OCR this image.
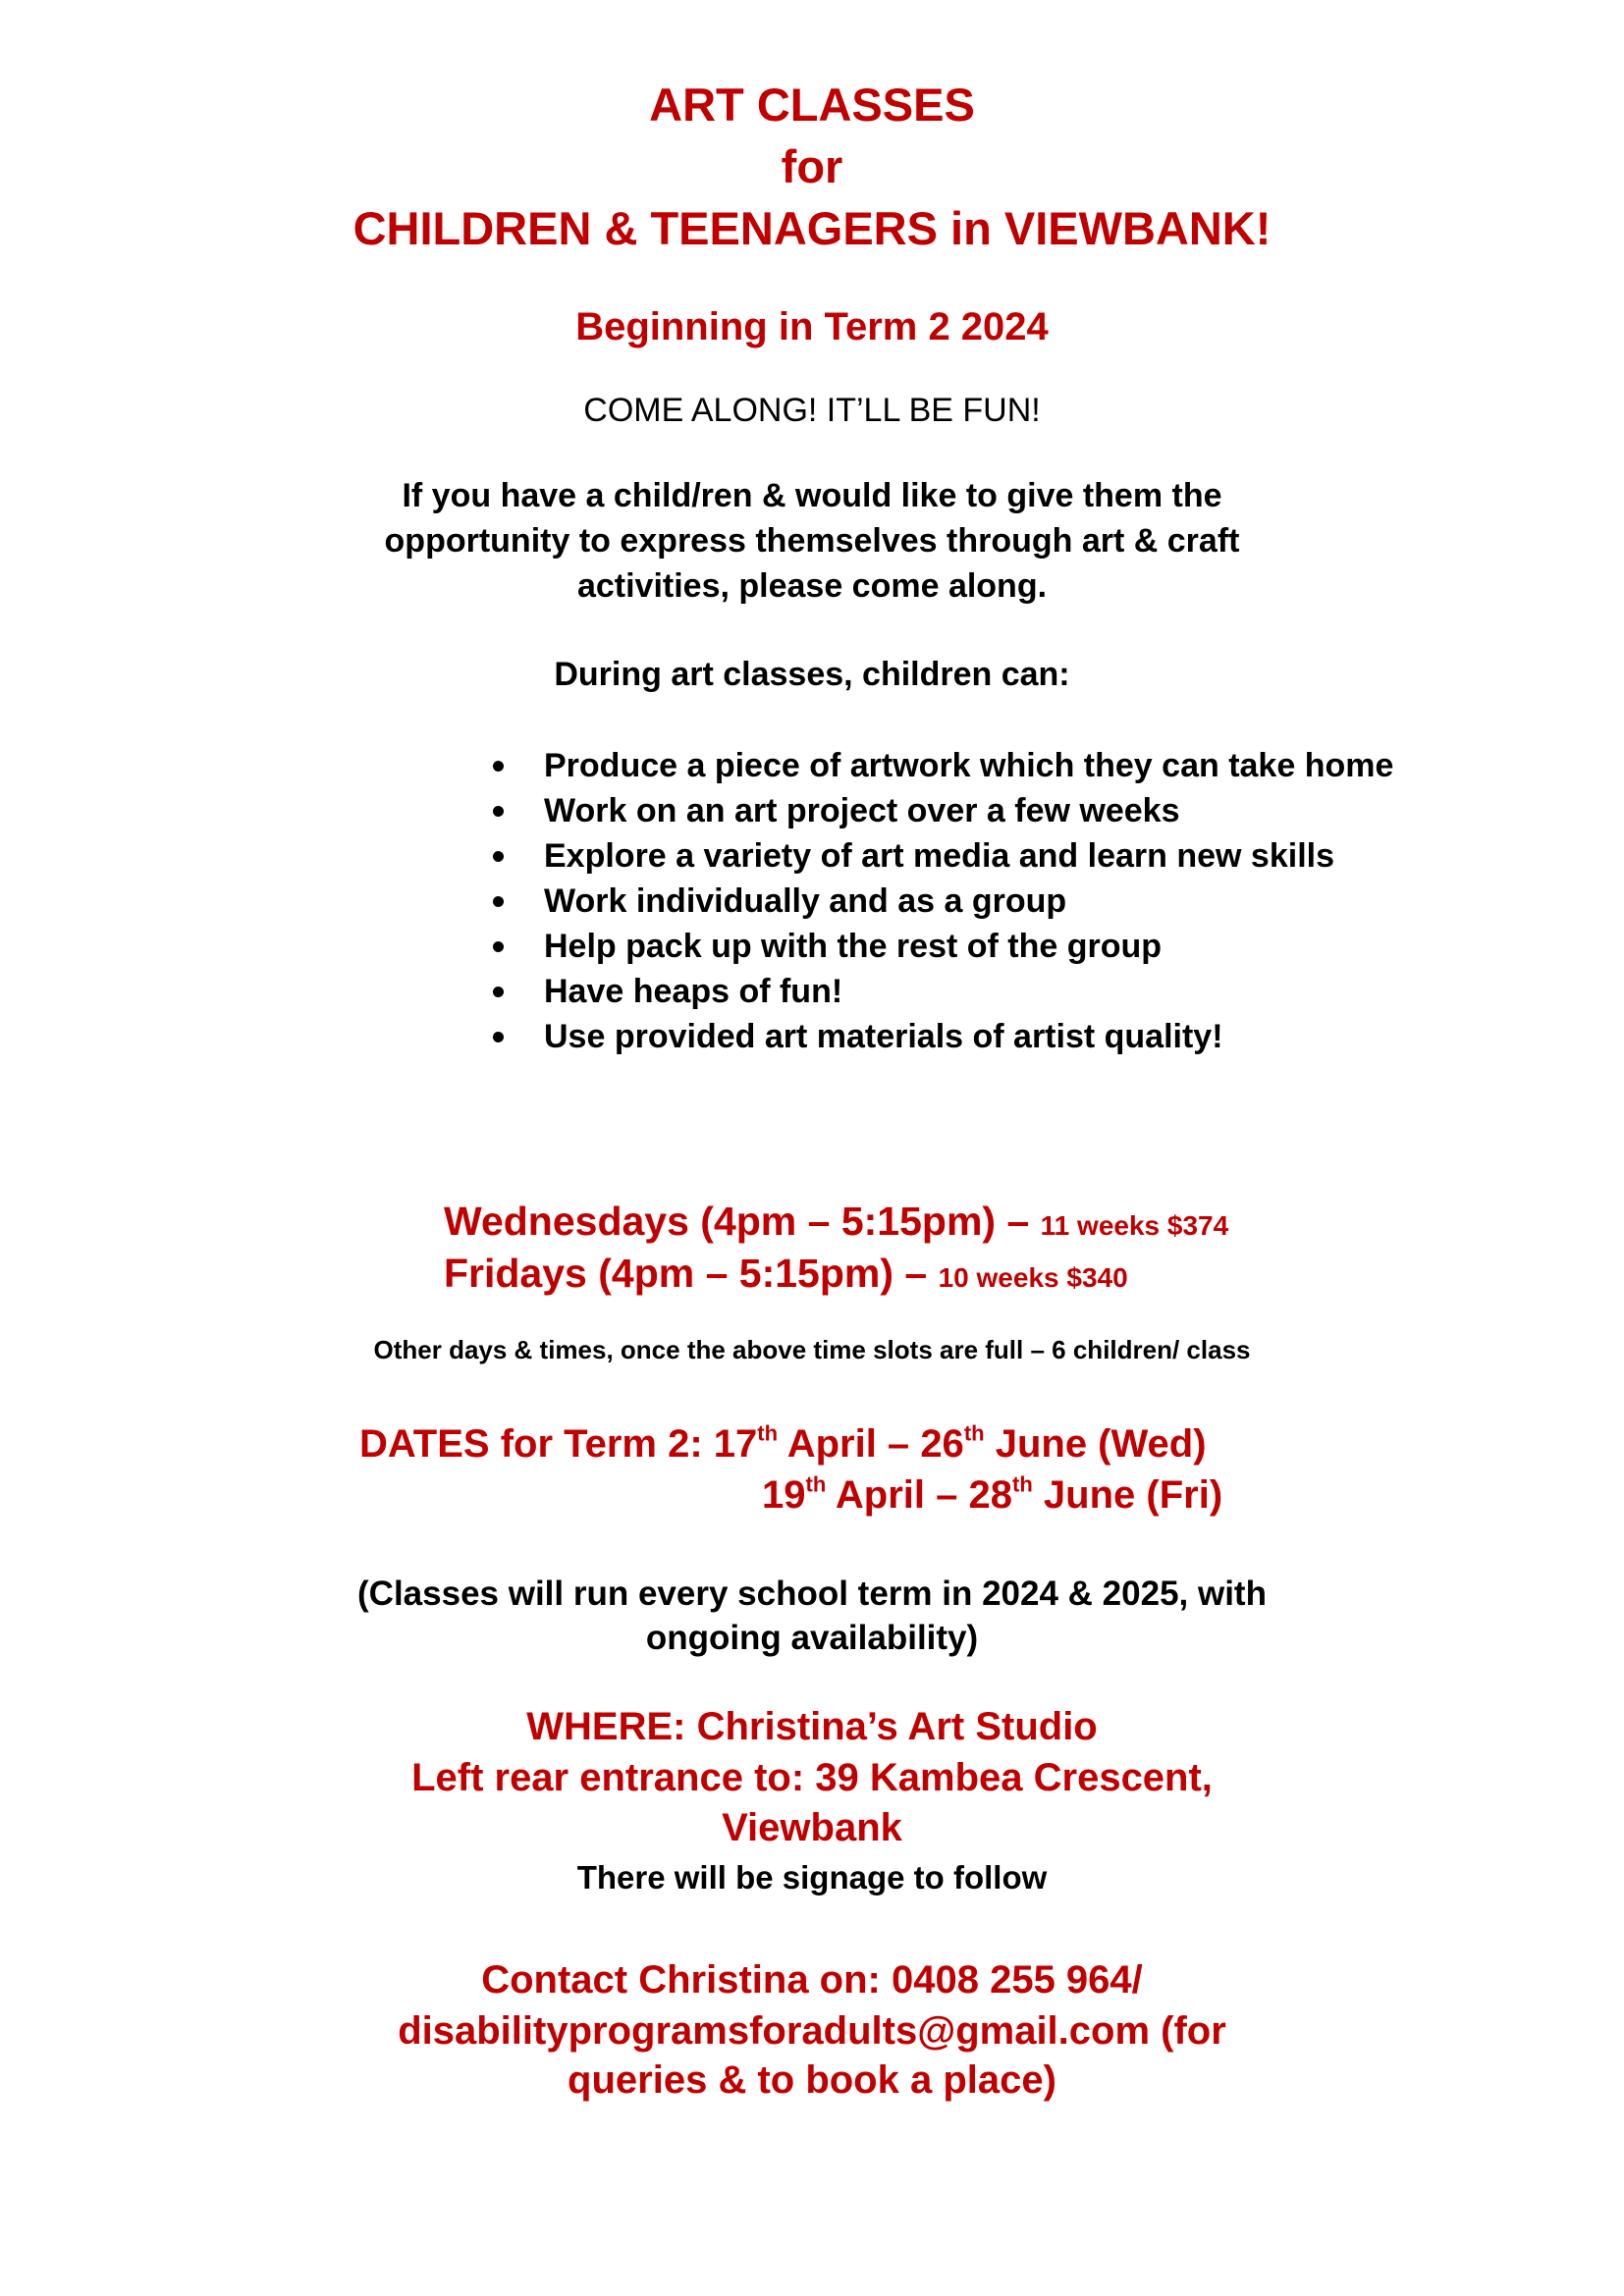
ART CLASSES
for
CHILDREN & TEENAGERS in VIEWBANK!
Beginning in Term 2 2024
COME ALONG! IT’LL BE FUN!
If you have a child/ren & would like to give them the
opportunity to express themselves through art & craft
activities, please come along.
During art classes, children can:
Produce a piece of artwork which they can take home
Work on an art project over a few weeks
Explore a variety of art media and learn new skills
Work individually and as a group
Help pack up with the rest of the group
Have heaps of fun!
Use provided art materials of artist quality!
Wednesdays (4pm – 5:15pm) – 11 weeks $374
Fridays (4pm – 5:15pm) – 10 weeks $340
Other days & times, once the above time slots are full – 6 children/ class
DATES for Term 2: 17th April – 26th June (Wed)
19th April – 28th June (Fri)
(Classes will run every school term in 2024 & 2025, with
ongoing availability)
WHERE: Christina’s Art Studio
Left rear entrance to: 39 Kambea Crescent,
Viewbank
There will be signage to follow
Contact Christina on: 0408 255 964/
disabilityprogramsforadults@gmail.com (for
queries & to book a place)
